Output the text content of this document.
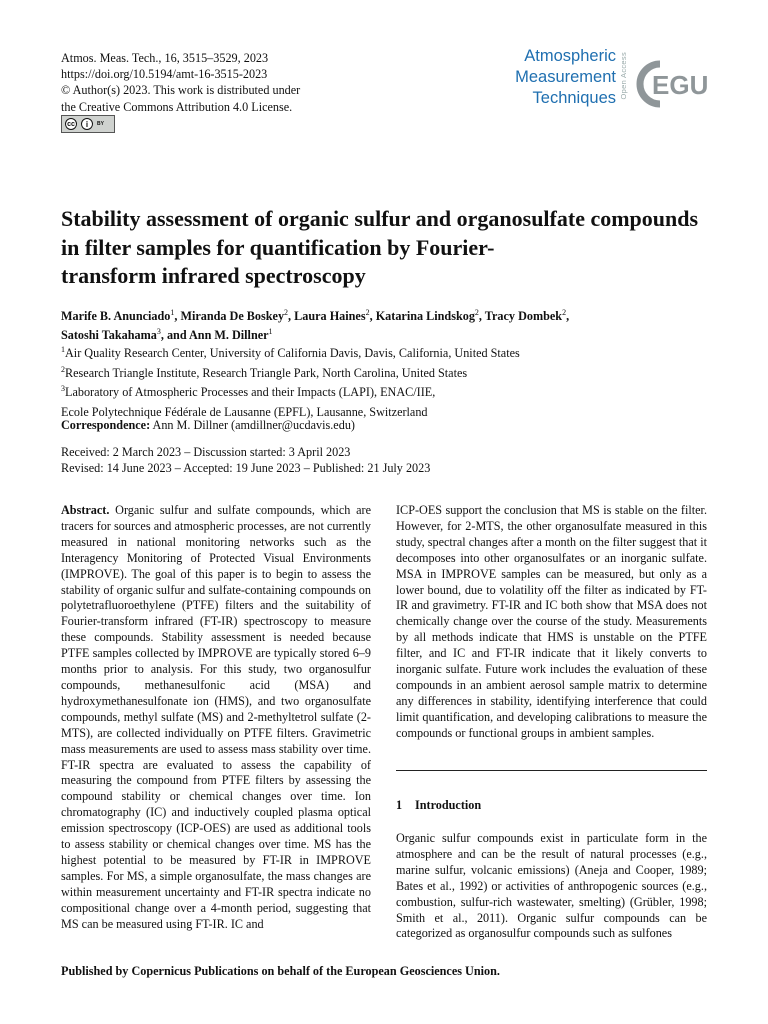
Atmos. Meas. Tech., 16, 3515–3529, 2023
https://doi.org/10.5194/amt-16-3515-2023
© Author(s) 2023. This work is distributed under
the Creative Commons Attribution 4.0 License.
cc	i	BY
Atmospheric
Measurement
Techniques Open Access EGU
Stability assessment of organic sulfur and organosulfate compounds
in filter samples for quantification by Fourier-
transform infrared spectroscopy
Marife B. Anunciado$^1$, Miranda De Boskey$^2$, Laura Haines$^2$, Katarina Lindskog$^2$, Tracy Dombek$^2$,
Satoshi Takahama$^3$, and Ann M. Dillner$^1$
$^1$Air Quality Research Center, University of California Davis, Davis, California, United States
$^2$Research Triangle Institute, Research Triangle Park, North Carolina, United States
$^3$Laboratory of Atmospheric Processes and their Impacts (LAPI), ENAC/IIE,
Ecole Polytechnique Fédérale de Lausanne (EPFL), Lausanne, Switzerland
Correspondence: Ann M. Dillner (amdillner@ucdavis.edu)
Received: 2 March 2023 – Discussion started: 3 April 2023
Revised: 14 June 2023 – Accepted: 19 June 2023 – Published: 21 July 2023
Abstract. Organic sulfur and sulfate compounds, which are tracers for sources and atmospheric processes, are not currently measured in national monitoring networks such as the Interagency Monitoring of Protected Visual Environments (IMPROVE). The goal of this paper is to begin to assess the stability of organic sulfur and sulfate-containing compounds on polytetrafluoroethylene (PTFE) filters and the suitability of Fourier-transform infrared (FT-IR) spectroscopy to measure these compounds. Stability assessment is needed because PTFE samples collected by IMPROVE are typically stored 6–9 months prior to analysis. For this study, two organosulfur compounds, methanesulfonic acid (MSA) and hydroxymethanesulfonate ion (HMS), and two organosulfate compounds, methyl sulfate (MS) and 2-methyltetrol sulfate (2-MTS), are collected individually on PTFE filters. Gravimetric mass measurements are used to assess mass stability over time. FT-IR spectra are evaluated to assess the capability of measuring the compound from PTFE filters by assessing the compound stability or chemical changes over time. Ion chromatography (IC) and inductively coupled plasma optical emission spectroscopy (ICP-OES) are used as additional tools to assess stability or chemical changes over time. MS has the highest potential to be measured by FT-IR in IMPROVE samples. For MS, a simple organosulfate, the mass changes are within measurement uncertainty and FT-IR spectra indicate no compositional change over a 4-month period, suggesting that MS can be measured using FT-IR. IC and
ICP-OES support the conclusion that MS is stable on the filter. However, for 2-MTS, the other organosulfate measured in this study, spectral changes after a month on the filter suggest that it decomposes into other organosulfates or an inorganic sulfate. MSA in IMPROVE samples can be measured, but only as a lower bound, due to volatility off the filter as indicated by FT-IR and gravimetry. FT-IR and IC both show that MSA does not chemically change over the course of the study. Measurements by all methods indicate that HMS is unstable on the PTFE filter, and IC and FT-IR indicate that it likely converts to inorganic sulfate. Future work includes the evaluation of these compounds in an ambient aerosol sample matrix to determine any differences in stability, identifying interference that could limit quantification, and developing calibrations to measure the compounds or functional groups in ambient samples.
1 Introduction
Organic sulfur compounds exist in particulate form in the atmosphere and can be the result of natural processes (e.g., marine sulfur, volcanic emissions) (Aneja and Cooper, 1989; Bates et al., 1992) or activities of anthropogenic sources (e.g., combustion, sulfur-rich wastewater, smelting) (Grübler, 1998; Smith et al., 2011). Organic sulfur compounds can be categorized as organosulfur compounds such as sulfones
Published by Copernicus Publications on behalf of the European Geosciences Union.
